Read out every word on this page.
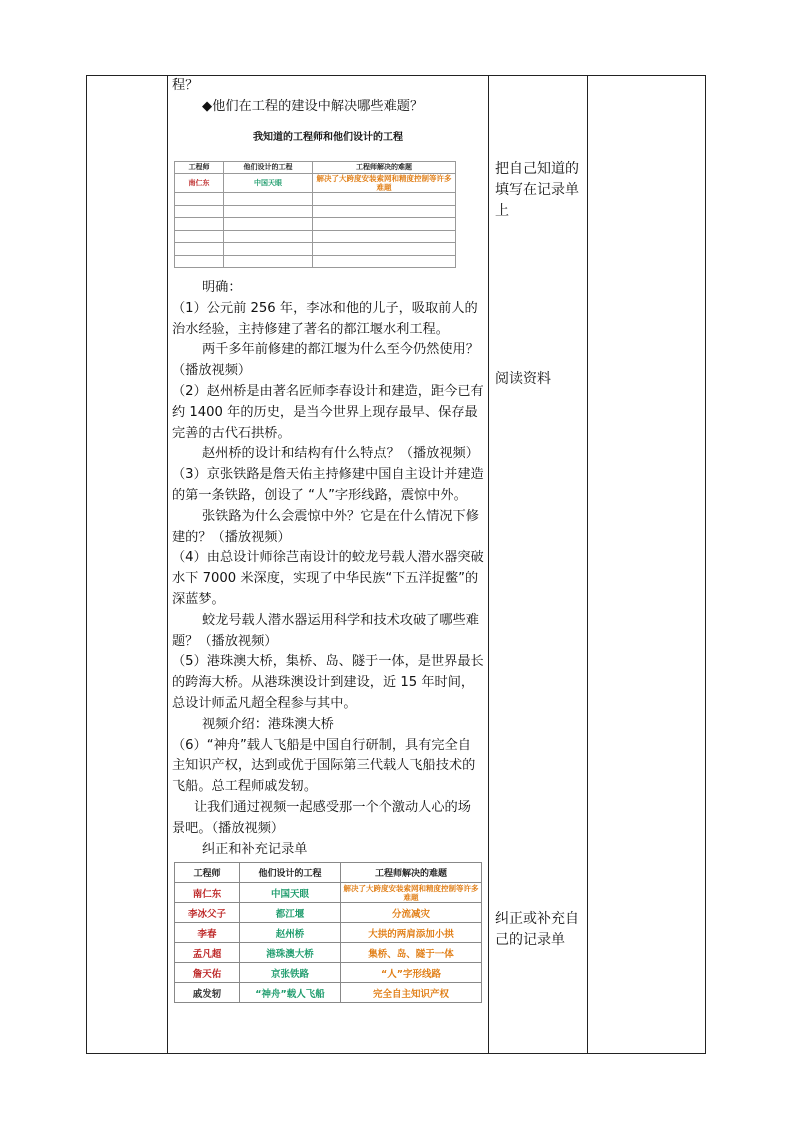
程？

◆他们在工程的建设中解决哪些难题？

我知道的工程师和他们设计的工程
工程师	他们设计的工程	工程师解决的难题
南仁东	中国天眼	解决了大跨度安装索网和精度控制等许多难题

明确：

（1）公元前 256 年，李冰和他的儿子，吸取前人的治水经验，主持修建了著名的都江堰水利工程。

两千多年前修建的都江堰为什么至今仍然使用？（播放视频）

（2）赵州桥是由著名匠师李春设计和建造，距今已有约 1400 年的历史，是当今世界上现存最早、保存最完善的古代石拱桥。

赵州桥的设计和结构有什么特点？（播放视频）

（3）京张铁路是詹天佑主持修建中国自主设计并建造的第一条铁路，创设了 “人”字形线路，震惊中外。

张铁路为什么会震惊中外？它是在什么情况下修建的？（播放视频）

（4）由总设计师徐芑南设计的蛟龙号载人潜水器突破水下 7000 米深度，实现了中华民族“下五洋捉鳖”的深蓝梦。

蛟龙号载人潜水器运用科学和技术攻破了哪些难题？（播放视频）

（5）港珠澳大桥，集桥、岛、隧于一体，是世界最长的跨海大桥。从港珠澳设计到建设，近 15 年时间，总设计师孟凡超全程参与其中。

视频介绍：港珠澳大桥

（6）“神舟”载人飞船是中国自行研制，具有完全自主知识产权，达到或优于国际第三代载人飞船技术的飞船。总工程师戚发轫。

让我们通过视频一起感受那一个个激动人心的场景吧。（播放视频）

纠正和补充记录单

工程师	他们设计的工程	工程师解决的难题
南仁东	中国天眼	解决了大跨度安装索网和精度控制等许多难题
李冰父子	都江堰	分流减灾
李春	赵州桥	大拱的两肩添加小拱
孟凡超	港珠澳大桥	集桥、岛、隧于一体
詹天佑	京张铁路	“人”字形线路
戚发轫	“神舟”载人飞船	完全自主知识产权
把自己知道的填写在记录单上
阅读资料
纠正或补充自己的记录单
